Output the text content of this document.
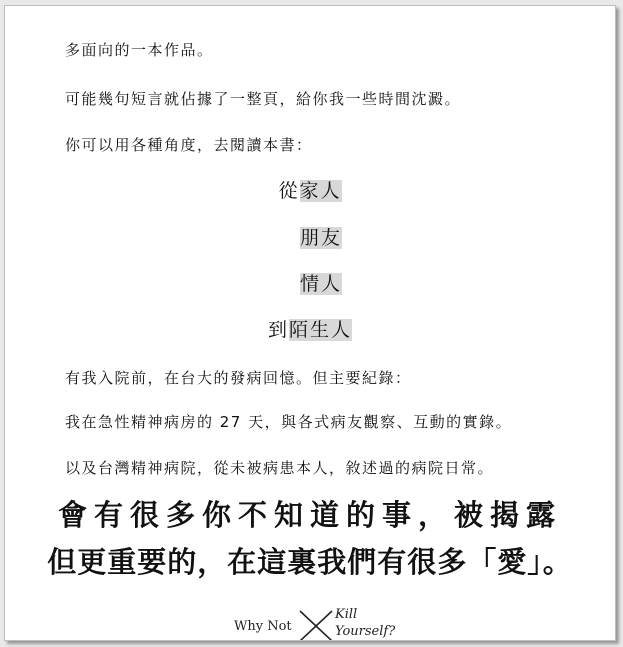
多面向的一本作品。
可能幾句短言就佔據了一整頁，給你我一些時間沈澱。
你可以用各種角度，去閱讀本書：
從家人
朋友
情人
到陌生人
有我入院前，在台大的發病回憶。但主要紀錄：
我在急性精神病房的 27 天，與各式病友觀察、互動的實錄。
以及台灣精神病院，從未被病患本人，敘述過的病院日常。
會有很多你不知道的事，被揭露
但更重要的，在這裏我們有很多「愛」。
Why Not
Kill
Yourself?
